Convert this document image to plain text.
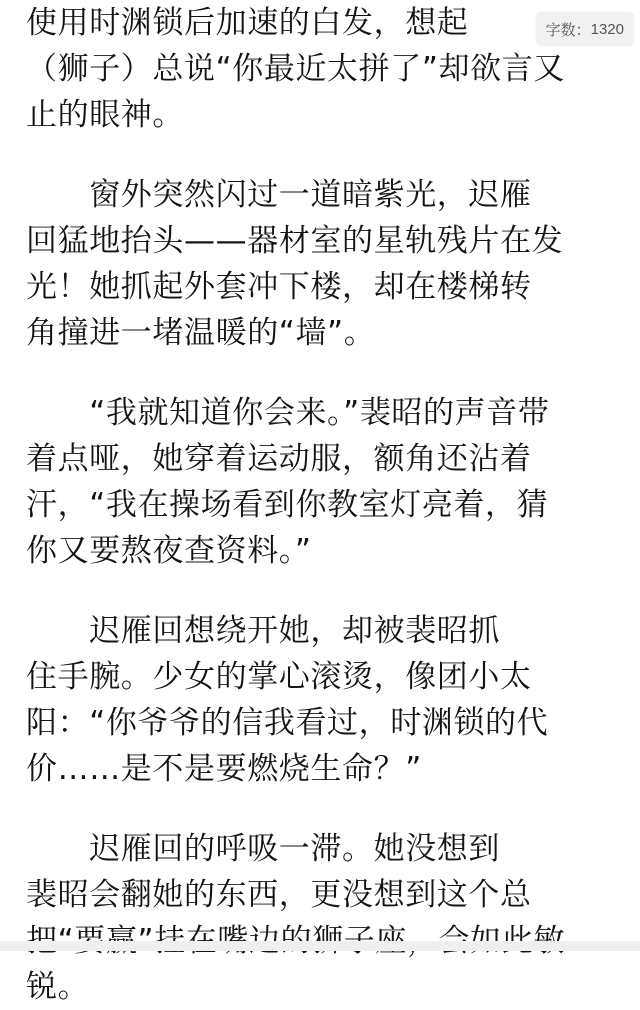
使用时渊锁后加速的白发，想起
（狮子）总说“你最近太拼了”却欲言又
止的眼神。
　　窗外突然闪过一道暗紫光，迟雁
回猛地抬头——器材室的星轨残片在发
光！她抓起外套冲下楼，却在楼梯转
角撞进一堵温暖的“墙”。
　　“我就知道你会来。”裴昭的声音带
着点哑，她穿着运动服，额角还沾着
汗，“我在操场看到你教室灯亮着，猜
你又要熬夜查资料。”
　　迟雁回想绕开她，却被裴昭抓
住手腕。少女的掌心滚烫，像团小太
阳：“你爷爷的信我看过，时渊锁的代
价……是不是要燃烧生命？”
　　迟雁回的呼吸一滞。她没想到
裴昭会翻她的东西，更没想到这个总
锐。
字数： 1320
